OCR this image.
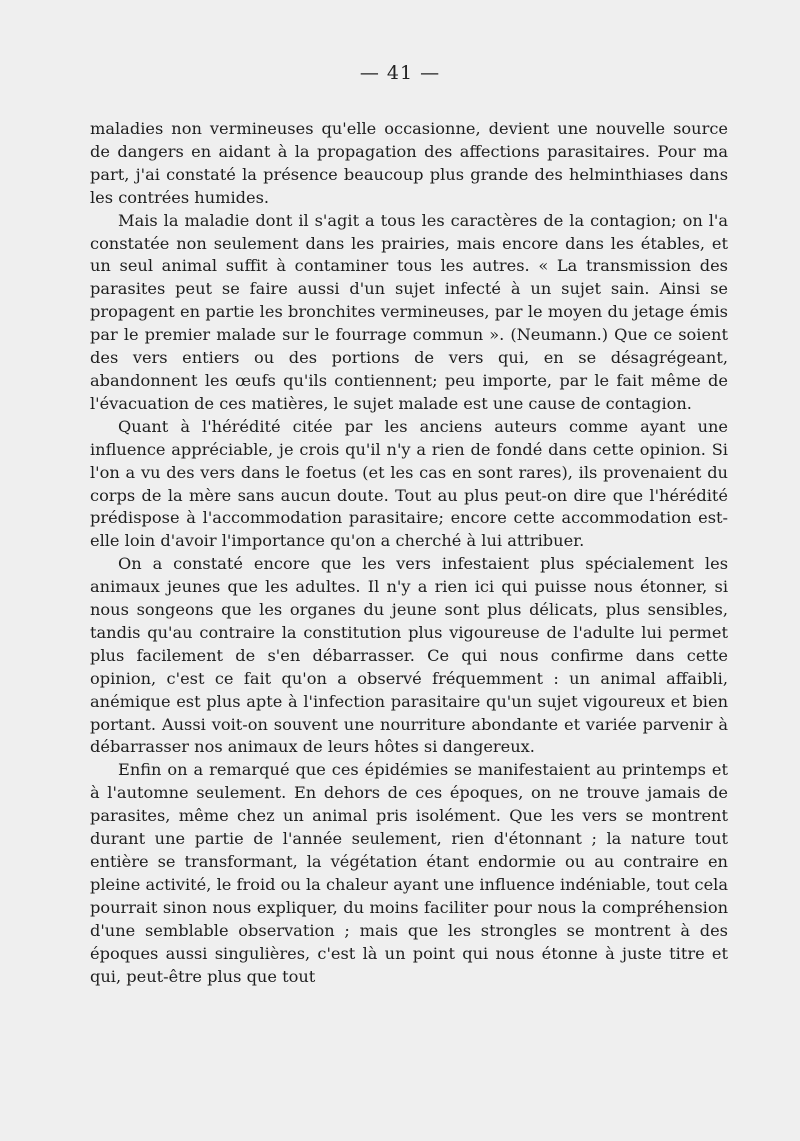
— 41 —

maladies non vermineuses qu'elle occasionne, devient une nouvelle source de dangers en aidant à la propagation des affections parasitaires. Pour ma part, j'ai constaté la présence beaucoup plus grande des helminthiases dans les contrées humides.

Mais la maladie dont il s'agit a tous les caractères de la contagion; on l'a constatée non seulement dans les prairies, mais encore dans les étables, et un seul animal suffit à contaminer tous les autres. « La transmission des parasites peut se faire aussi d'un sujet infecté à un sujet sain. Ainsi se propagent en partie les bronchites vermineuses, par le moyen du jetage émis par le premier malade sur le fourrage commun ». (Neumann.) Que ce soient des vers entiers ou des portions de vers qui, en se désagrégeant, abandonnent les œufs qu'ils contiennent; peu importe, par le fait même de l'évacuation de ces matières, le sujet malade est une cause de contagion.

Quant à l'hérédité citée par les anciens auteurs comme ayant une influence appréciable, je crois qu'il n'y a rien de fondé dans cette opinion. Si l'on a vu des vers dans le foetus (et les cas en sont rares), ils provenaient du corps de la mère sans aucun doute. Tout au plus peut-on dire que l'hérédité prédispose à l'accommodation parasitaire; encore cette accommodation est-elle loin d'avoir l'importance qu'on a cherché à lui attribuer.

On a constaté encore que les vers infestaient plus spécialement les animaux jeunes que les adultes. Il n'y a rien ici qui puisse nous étonner, si nous songeons que les organes du jeune sont plus délicats, plus sensibles, tandis qu'au contraire la constitution plus vigoureuse de l'adulte lui permet plus facilement de s'en débarrasser. Ce qui nous confirme dans cette opinion, c'est ce fait qu'on a observé fréquemment : un animal affaibli, anémique est plus apte à l'infection parasitaire qu'un sujet vigoureux et bien portant. Aussi voit-on souvent une nourriture abondante et variée parvenir à débarrasser nos animaux de leurs hôtes si dangereux.

Enfin on a remarqué que ces épidémies se manifestaient au printemps et à l'automne seulement. En dehors de ces époques, on ne trouve jamais de parasites, même chez un animal pris isolément. Que les vers se montrent durant une partie de l'année seulement, rien d'étonnant ; la nature tout entière se transformant, la végétation étant endormie ou au contraire en pleine activité, le froid ou la chaleur ayant une influence indéniable, tout cela pourrait sinon nous expliquer, du moins faciliter pour nous la compréhension d'une semblable observation ; mais que les strongles se montrent à des époques aussi singulières, c'est là un point qui nous étonne à juste titre et qui, peut-être plus que tout
